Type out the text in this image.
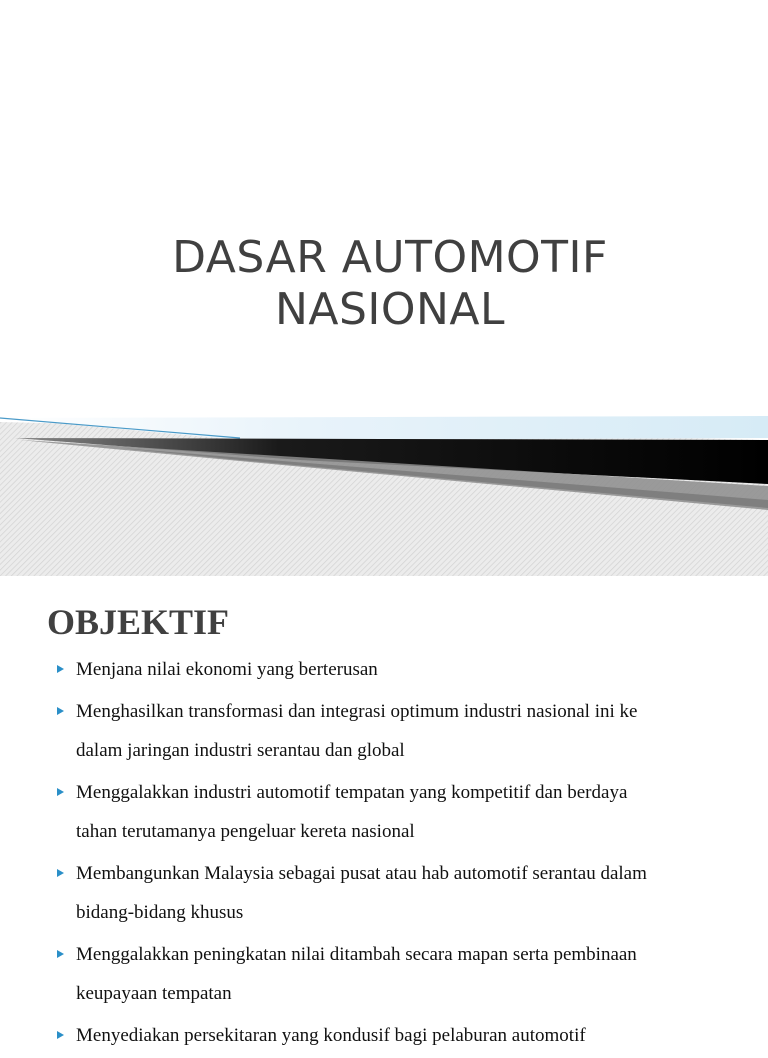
DASAR AUTOMOTIF
NASIONAL
OBJEKTIF
Menjana nilai ekonomi yang berterusan
Menghasilkan transformasi dan integrasi optimum industri nasional ini ke
dalam jaringan industri serantau dan global
Menggalakkan industri automotif tempatan yang kompetitif dan berdaya
tahan terutamanya pengeluar kereta nasional
Membangunkan Malaysia sebagai pusat atau hab automotif serantau dalam
bidang-bidang khusus
Menggalakkan peningkatan nilai ditambah secara mapan serta pembinaan
keupayaan tempatan
Menyediakan persekitaran yang kondusif bagi pelaburan automotif
